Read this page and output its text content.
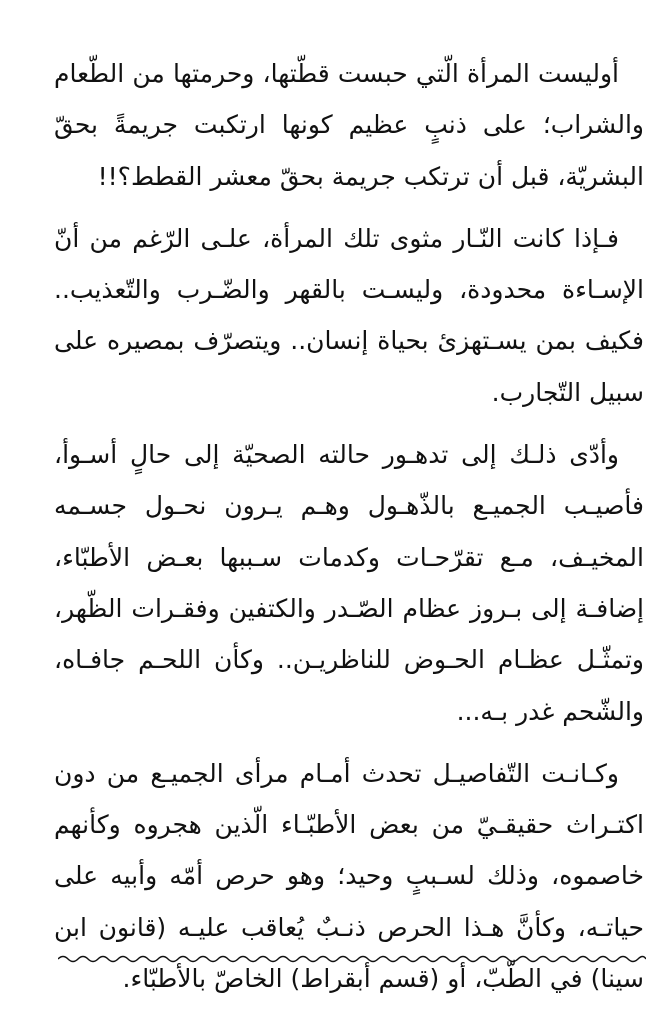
أوليست المرأة الّتي حبست قطّتها، وحرمتها من الطّعام
والشراب؛ على ذنبٍ عظيم كونها ارتكبت جريمةً بحقّ
البشريّة، قبل أن ترتكب جريمة بحقّ معشر القطط؟!!
فـإذا كانت النّـار مثوى تلك المرأة، علـى الرّغم من أنّ
الإسـاءة محدودة، وليسـت بالقهر والضّـرب والتّعذيب..
فكيف بمن يسـتهزئ بحياة إنسان.. ويتصرّف بمصيره على
سبيل التّجارب.
وأدّى ذلـك إلى تدهـور حالته الصحيّة إلى حالٍ أسـوأ،
فأصيـب الجميـع بالذّهـول وهـم يـرون نحـول جسـمه
المخيـف، مـع تقرّحـات وكدمات سـببها بعـض الأطبّاء،
إضافـة إلى بـروز عظام الصّـدر والكتفين وفقـرات الظّهر،
وتمثّـل عظـام الحـوض للناظريـن.. وكأن اللحـم جافـاه،
والشّحم غدر بـه...
وكـانـت التّفاصيـل تحدث أمـام مرأى الجميـع من دون
اكتـراث حقيقـيّ من بعض الأطبّـاء الّذين هجروه وكأنهم
خاصموه، وذلك لسـببٍ وحيد؛ وهو حرص أمّه وأبيه على
حياتـه، وكأنَّ هـذا الحرص ذنـبٌ يُعاقب عليـه (قانون ابن
سينا) في الطّبّ، أو (قسم أبقراط) الخاصّ بالأطبّاء.
